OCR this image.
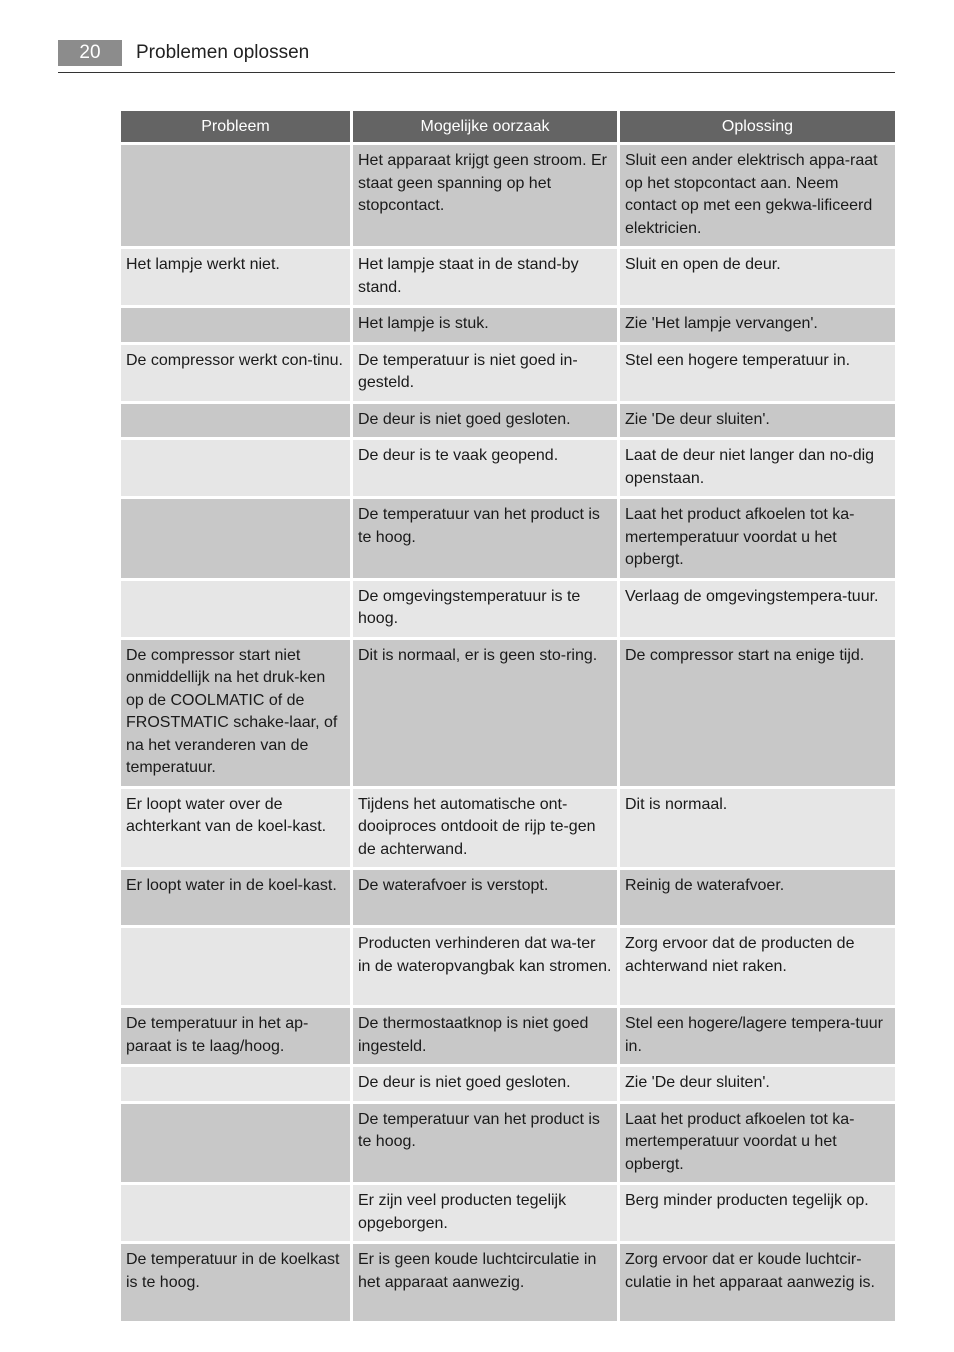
20	Problemen oplossen
Probleem	Mogelijke oorzaak	Oplossing
	Het apparaat krijgt geen stroom. Er staat geen spanning op het stopcontact.	Sluit een ander elektrisch appa-raat op het stopcontact aan. Neem contact op met een gekwa-lificeerd elektricien.
Het lampje werkt niet.	Het lampje staat in de stand-by stand.	Sluit en open de deur.
	Het lampje is stuk.	Zie 'Het lampje vervangen'.
De compressor werkt con-tinu.	De temperatuur is niet goed in-gesteld.	Stel een hogere temperatuur in.
	De deur is niet goed gesloten.	Zie 'De deur sluiten'.
	De deur is te vaak geopend.	Laat de deur niet langer dan no-dig openstaan.
	De temperatuur van het product is te hoog.	Laat het product afkoelen tot ka-mertemperatuur voordat u het opbergt.
	De omgevingstemperatuur is te hoog.	Verlaag de omgevingstempera-tuur.
De compressor start niet onmiddellijk na het druk-ken op de COOLMATIC of de FROSTMATIC schake-laar, of na het veranderen van de temperatuur.	Dit is normaal, er is geen sto-ring.	De compressor start na enige tijd.
Er loopt water over de achterkant van de koel-kast.	Tijdens het automatische ont-dooiproces ontdooit de rijp te-gen de achterwand.	Dit is normaal.
Er loopt water in de koel-kast.	De waterafvoer is verstopt.	Reinig de waterafvoer.
	Producten verhinderen dat wa-ter in de wateropvangbak kan stromen.	Zorg ervoor dat de producten de achterwand niet raken.
De temperatuur in het ap-paraat is te laag/hoog.	De thermostaatknop is niet goed ingesteld.	Stel een hogere/lagere tempera-tuur in.
	De deur is niet goed gesloten.	Zie 'De deur sluiten'.
	De temperatuur van het product is te hoog.	Laat het product afkoelen tot ka-mertemperatuur voordat u het opbergt.
	Er zijn veel producten tegelijk opgeborgen.	Berg minder producten tegelijk op.
De temperatuur in de koelkast is te hoog.	Er is geen koude luchtcirculatie in het apparaat aanwezig.	Zorg ervoor dat er koude luchtcir-culatie in het apparaat aanwezig is.
